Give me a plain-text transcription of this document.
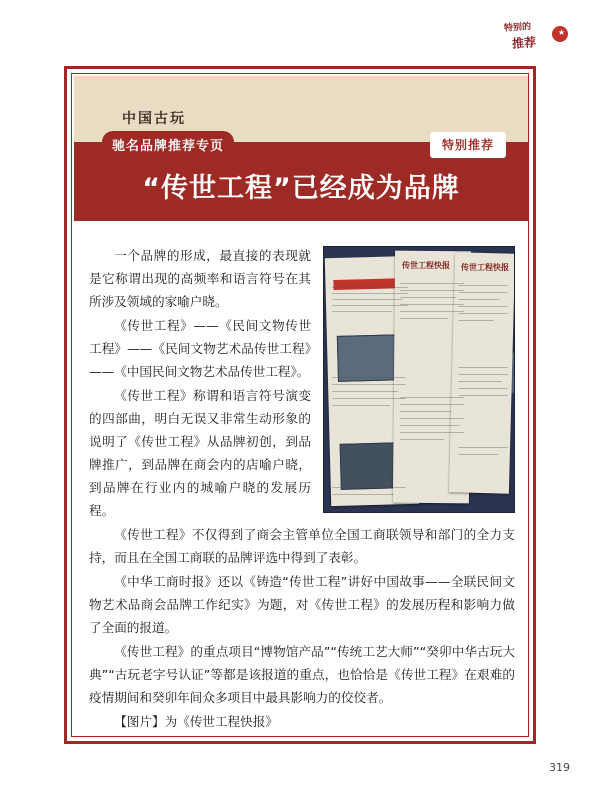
特别的
推荐
★
中国古玩
驰名品牌推荐专页	特别推荐
“传世工程”已经成为品牌
传世工程快报 传世工程快报

一个品牌的形成，最直接的表现就是它称谓出现的高频率和语言符号在其所涉及领域的家喻户晓。

《传世工程》——《民间文物传世工程》——《民间文物艺术品传世工程》——《中国民间文物艺术品传世工程》。

《传世工程》称谓和语言符号演变的四部曲，明白无误又非常生动形象的说明了《传世工程》从品牌初创，到品牌推广，到品牌在商会内的店喻户晓，到品牌在行业内的城喻户晓的发展历程。

《传世工程》不仅得到了商会主管单位全国工商联领导和部门的全力支持，而且在全国工商联的品牌评选中得到了表彰。

《中华工商时报》还以《铸造“传世工程”讲好中国故事——全联民间文物艺术品商会品牌工作纪实》为题，对《传世工程》的发展历程和影响力做了全面的报道。

《传世工程》的重点项目“博物馆产品”“传统工艺大师”“癸卯中华古玩大典”“古玩老字号认证”等都是该报道的重点，也恰恰是《传世工程》在艰难的疫情期间和癸卯年间众多项目中最具影响力的佼佼者。

【图片】为《传世工程快报》

319
